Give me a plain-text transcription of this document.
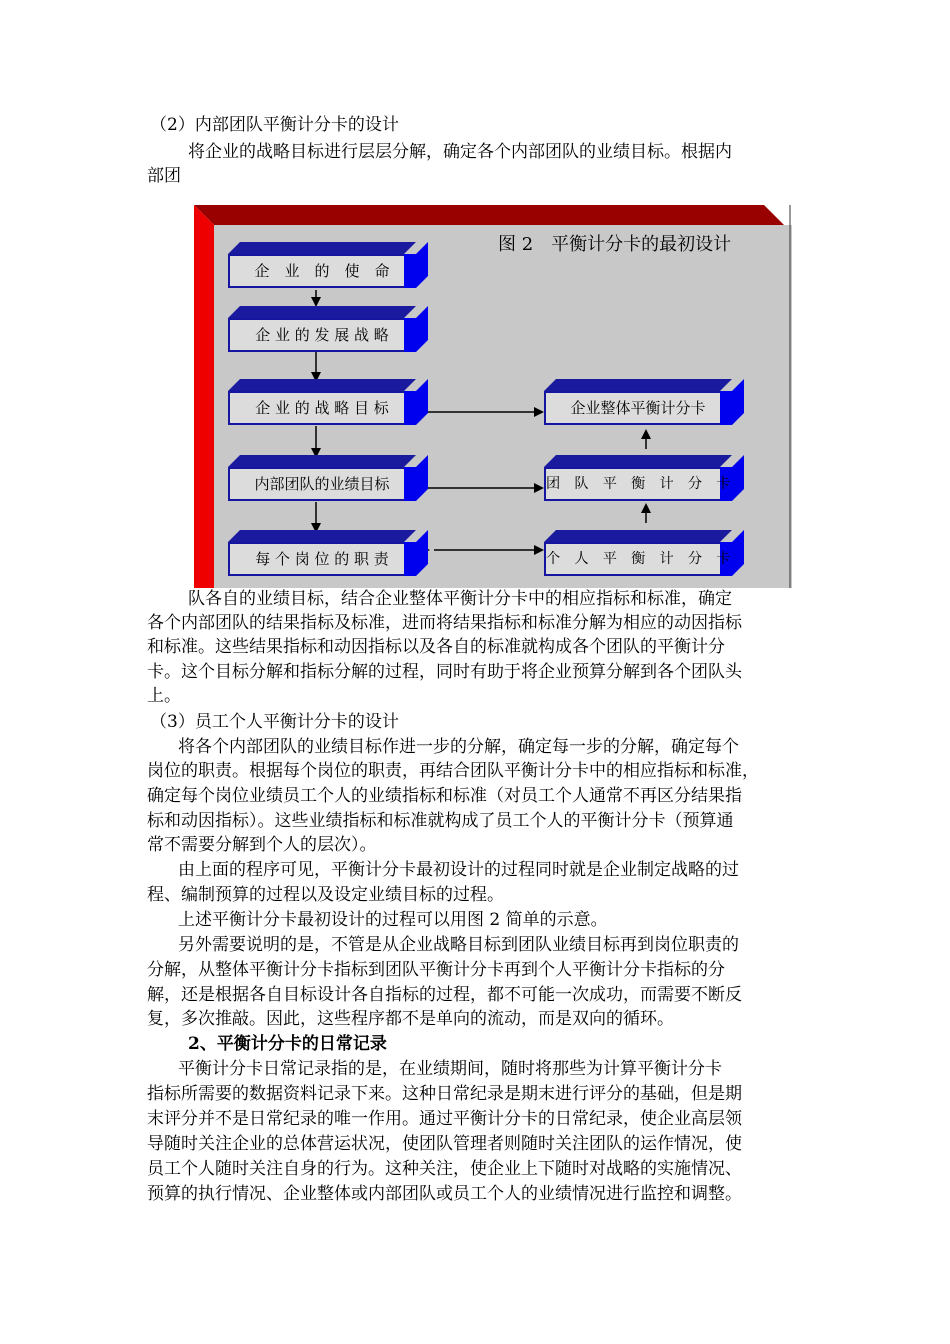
（2）内部团队平衡计分卡的设计

将企业的战略目标进行层层分解，确定各个内部团队的业绩目标。根据内

部团

图 2　平衡计分卡的最初设计
企　业　的　使　命
企 业 的 发 展 战 略
企 业 的 战 略 目 标
内部团队的业绩目标
每 个 岗 位 的 职 责
企业整体平衡计分卡
团　队　平　衡　计　分　卡
个　人　平　衡　计　分　卡

队各自的业绩目标，结合企业整体平衡计分卡中的相应指标和标准，确定

各个内部团队的结果指标及标准，进而将结果指标和标准分解为相应的动因指标

和标准。这些结果指标和动因指标以及各自的标准就构成各个团队的平衡计分

卡。这个目标分解和指标分解的过程，同时有助于将企业预算分解到各个团队头

上。

（3）员工个人平衡计分卡的设计

将各个内部团队的业绩目标作进一步的分解，确定每一步的分解，确定每个

岗位的职责。根据每个岗位的职责，再结合团队平衡计分卡中的相应指标和标准，

确定每个岗位业绩员工个人的业绩指标和标准（对员工个人通常不再区分结果指

标和动因指标）。这些业绩指标和标准就构成了员工个人的平衡计分卡（预算通

常不需要分解到个人的层次）。

由上面的程序可见，平衡计分卡最初设计的过程同时就是企业制定战略的过

程、编制预算的过程以及设定业绩目标的过程。

上述平衡计分卡最初设计的过程可以用图 2 简单的示意。

另外需要说明的是，不管是从企业战略目标到团队业绩目标再到岗位职责的

分解，从整体平衡计分卡指标到团队平衡计分卡再到个人平衡计分卡指标的分

解，还是根据各自目标设计各自指标的过程，都不可能一次成功，而需要不断反

复，多次推敲。因此，这些程序都不是单向的流动，而是双向的循环。

2、平衡计分卡的日常记录

平衡计分卡日常记录指的是，在业绩期间，随时将那些为计算平衡计分卡

指标所需要的数据资料记录下来。这种日常纪录是期末进行评分的基础，但是期

末评分并不是日常纪录的唯一作用。通过平衡计分卡的日常纪录，使企业高层领

导随时关注企业的总体营运状况，使团队管理者则随时关注团队的运作情况，使

员工个人随时关注自身的行为。这种关注，使企业上下随时对战略的实施情况、

预算的执行情况、企业整体或内部团队或员工个人的业绩情况进行监控和调整。
